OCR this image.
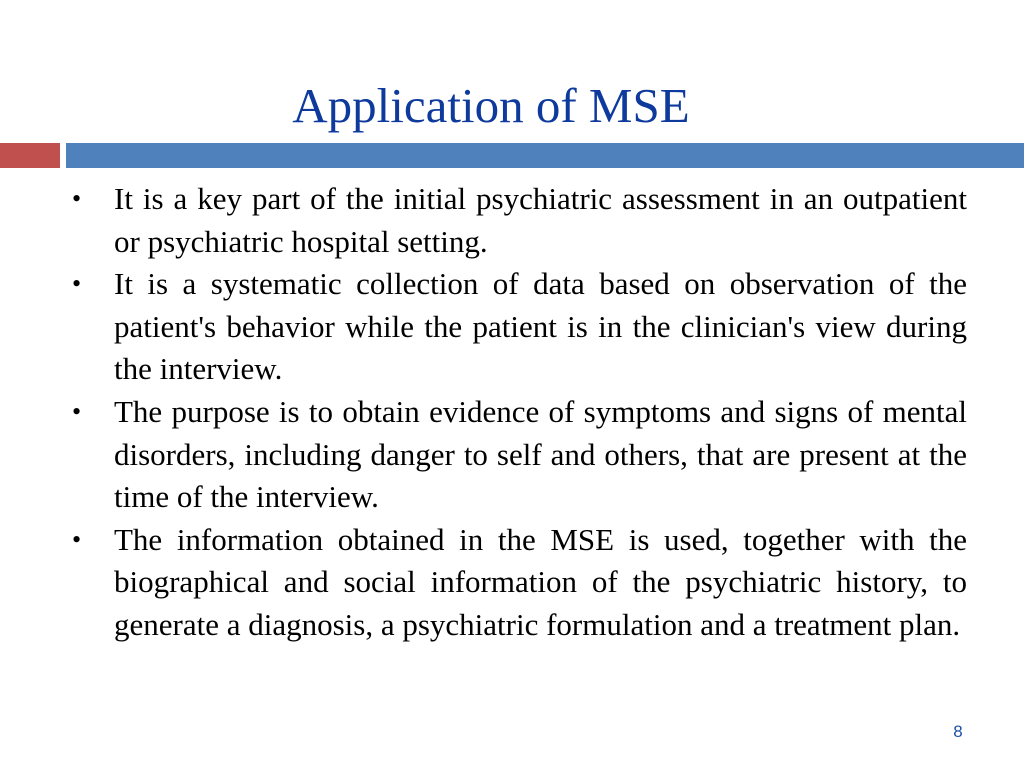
Application of MSE
•	It is a key part of the initial psychiatric assessment in an outpatient or psychiatric hospital setting.
•	It is a systematic collection of data based on observation of the patient's behavior while the patient is in the clinician's view during the interview.
•	The purpose is to obtain evidence of symptoms and signs of mental disorders, including danger to self and others, that are present at the time of the interview.
•	The information obtained in the MSE is used, together with the biographical and social information of the psychiatric history, to generate a diagnosis, a psychiatric formulation and a treatment plan.
8
